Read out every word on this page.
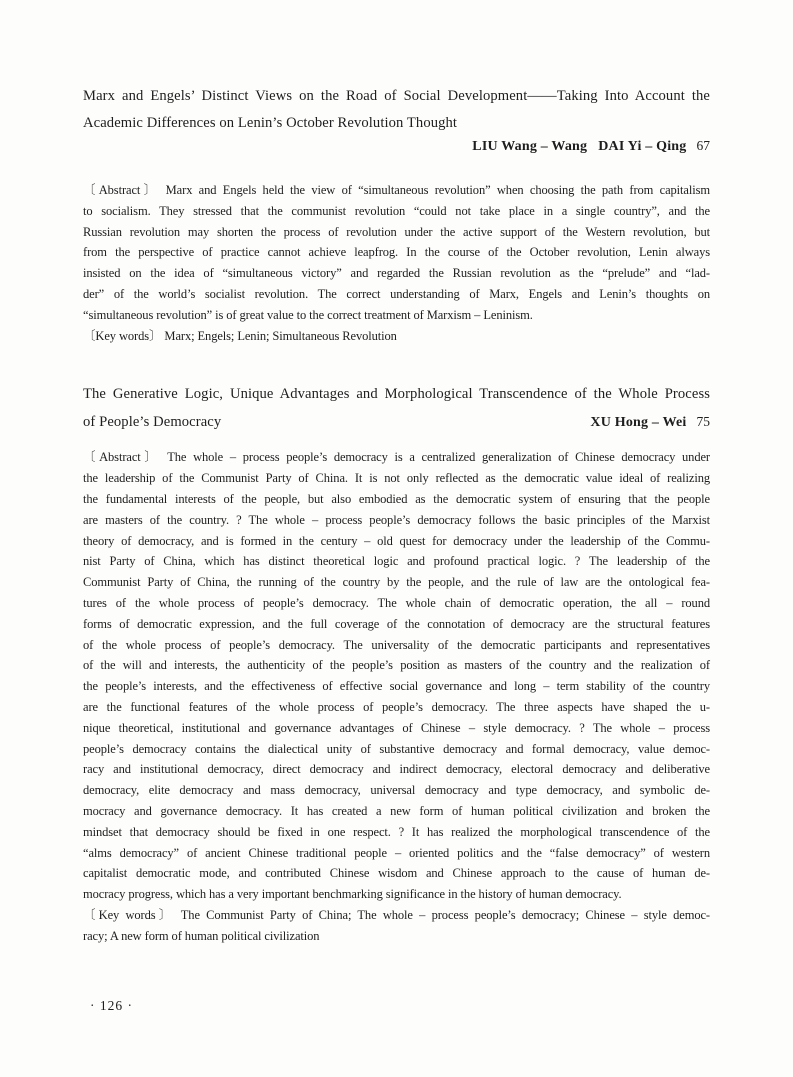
Marx and Engels’ Distinct Views on the Road of Social Development——Taking Into Account the
Academic Differences on Lenin’s October Revolution Thought
LIU Wang – Wang DAI Yi – Qing 67
〔Abstract〕 Marx and Engels held the view of “simultaneous revolution” when choosing the path from capitalism
to socialism. They stressed that the communist revolution “could not take place in a single country”, and the
Russian revolution may shorten the process of revolution under the active support of the Western revolution, but
from the perspective of practice cannot achieve leapfrog. In the course of the October revolution, Lenin always
insisted on the idea of “simultaneous victory” and regarded the Russian revolution as the “prelude” and “lad-
der” of the world’s socialist revolution. The correct understanding of Marx, Engels and Lenin’s thoughts on
“simultaneous revolution” is of great value to the correct treatment of Marxism – Leninism.
〔Key words〕 Marx; Engels; Lenin; Simultaneous Revolution
The Generative Logic, Unique Advantages and Morphological Transcendence of the Whole Process
of People’s Democracy	XU Hong – Wei 75
〔Abstract〕 The whole – process people’s democracy is a centralized generalization of Chinese democracy under
the leadership of the Communist Party of China. It is not only reflected as the democratic value ideal of realizing
the fundamental interests of the people, but also embodied as the democratic system of ensuring that the people
are masters of the country. ? The whole – process people’s democracy follows the basic principles of the Marxist
theory of democracy, and is formed in the century – old quest for democracy under the leadership of the Commu-
nist Party of China, which has distinct theoretical logic and profound practical logic. ? The leadership of the
Communist Party of China, the running of the country by the people, and the rule of law are the ontological fea-
tures of the whole process of people’s democracy. The whole chain of democratic operation, the all – round
forms of democratic expression, and the full coverage of the connotation of democracy are the structural features
of the whole process of people’s democracy. The universality of the democratic participants and representatives
of the will and interests, the authenticity of the people’s position as masters of the country and the realization of
the people’s interests, and the effectiveness of effective social governance and long – term stability of the country
are the functional features of the whole process of people’s democracy. The three aspects have shaped the u-
nique theoretical, institutional and governance advantages of Chinese – style democracy. ? The whole – process
people’s democracy contains the dialectical unity of substantive democracy and formal democracy, value democ-
racy and institutional democracy, direct democracy and indirect democracy, electoral democracy and deliberative
democracy, elite democracy and mass democracy, universal democracy and type democracy, and symbolic de-
mocracy and governance democracy. It has created a new form of human political civilization and broken the
mindset that democracy should be fixed in one respect. ? It has realized the morphological transcendence of the
“alms democracy” of ancient Chinese traditional people – oriented politics and the “false democracy” of western
capitalist democratic mode, and contributed Chinese wisdom and Chinese approach to the cause of human de-
mocracy progress, which has a very important benchmarking significance in the history of human democracy.
〔Key words〕 The Communist Party of China; The whole – process people’s democracy; Chinese – style democ-
racy; A new form of human political civilization
· 126 ·
